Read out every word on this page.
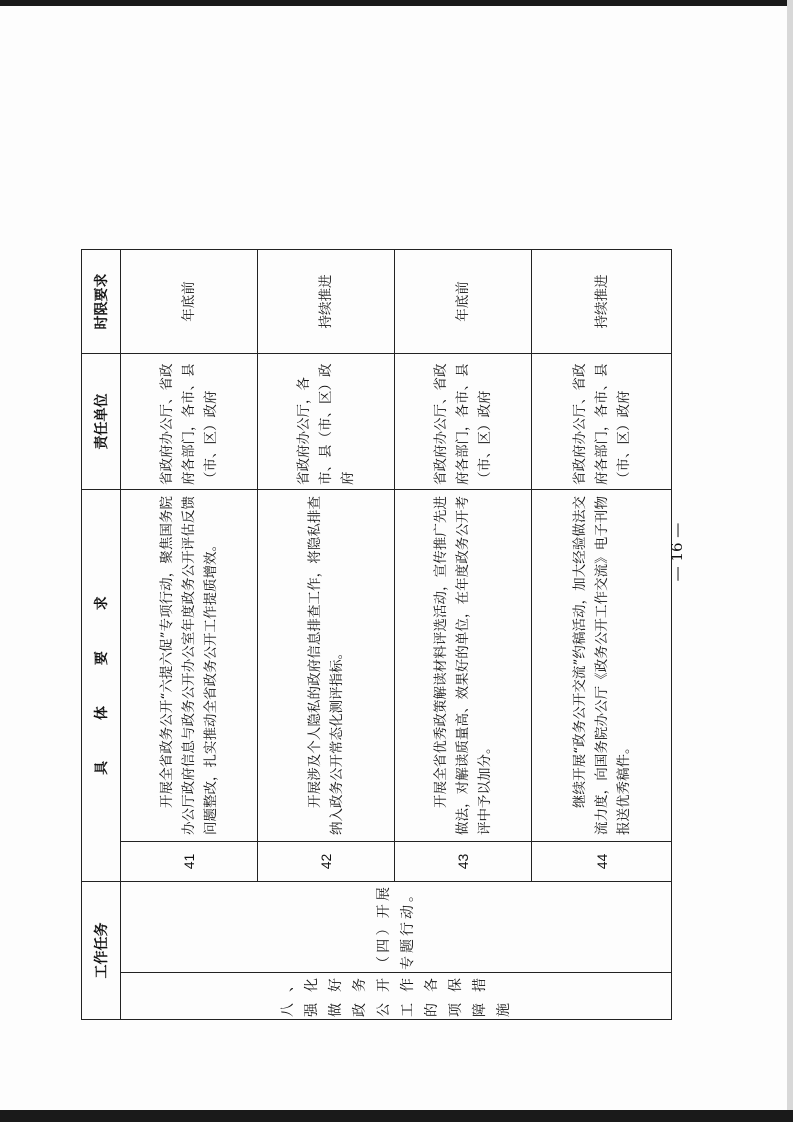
工作任务		具 体 要 求		责任单位	时限要求
八、强化做好政务公开工作的各项保障措施	（四）开展专题行动。	41	开展全省政务公开“六提六促”专项行动，聚焦国务院办公厅政府信息与政务公开办公室年度政务公开评估反馈问题整改，扎实推动全省政务公开工作提质增效。	省政府办公厅、省政府各部门，各市、县（市、区）政府	年底前
		42	开展涉及个人隐私的政府信息排查工作，将隐私排查纳入政务公开常态化测评指标。	省政府办公厅，各市、县（市、区）政府	持续推进
		43	开展全省优秀政策解读材料评选活动，宣传推广先进做法，对解读质量高、效果好的单位，在年度政务公开考评中予以加分。	省政府办公厅、省政府各部门，各市、县（市、区）政府	年底前
		44	继续开展“政务公开交流”约稿活动，加大经验做法交流力度，向国务院办公厅《政务公开工作交流》电子刊物报送优秀稿件。	省政府办公厅、省政府各部门，各市、县（市、区）政府	持续推进
— 16 —
